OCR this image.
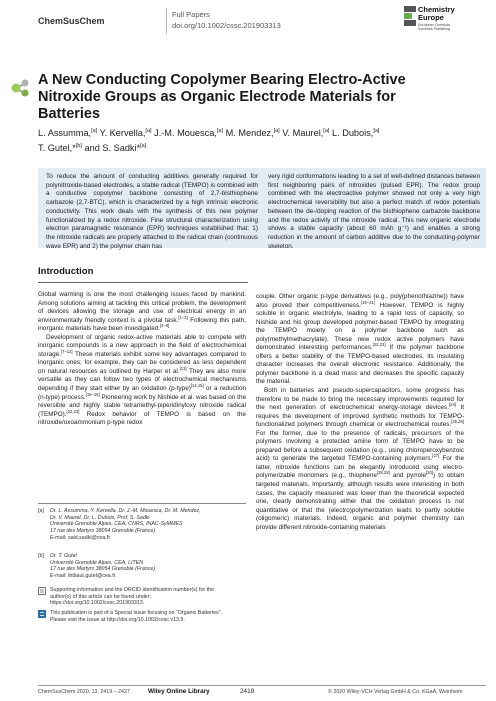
ChemSusChem
Full Papers
doi.org/10.1002/cssc.201903313
Chemistry
Europe
European Chemical
Societies Publishing
A New Conducting Copolymer Bearing Electro-Active Nitroxide Groups as Organic Electrode Materials for Batteries
L. Assumma,[a] Y. Kervella,[a] J.-M. Mouesca,[a] M. Mendez,[a] V. Maurel,[a] L. Dubois,[a]
T. Gutel,*[b] and S. Sadki*[a]
To reduce the amount of conducting additives generally required for polynitroxide-based electrodes, a stable radical (TEMPO) is combined with a conductive copolymer backbone consisting of 2,7-bisthiophene carbazole (2,7-BTC), which is characterized by a high intrinsic electronic conductivity. This work deals with the synthesis of this new polymer functionalized by a redox nitroxide. Fine structural characterization using electron paramagnetic resonance (EPR) techniques established that: 1) the nitroxide radicals are properly attached to the radical chain (continuous wave EPR) and 2) the polymer chain has
very rigid conformations leading to a set of well-defined distances between first neighboring pairs of nitroxides (pulsed EPR). The redox group combined with the electroactive polymer showed not only a very high electrochemical reversibility but also a perfect match of redox potentials between the de-/doping reaction of the bisthiophene carbazole backbone and the redox activity of the nitroxide radical. This new organic electrode shows a stable capacity (about 60 mAh g⁻¹) and enables a strong reduction in the amount of carbon additive due to the conducting-polymer skeleton.
Introduction

Global warming is one the most challenging issues faced by mankind. Among solutions aiming at tackling this critical problem, the development of devices allowing the storage and use of electrical energy in an environmentally friendly context is a pivotal task.[1–3] Following this path, inorganic materials have been investigated.[4–6]

Development of organic redox-active materials able to compete with inorganic compounds is a new approach in the field of electrochemical storage.[7–12] These materials exhibit some key advantages compared to inorganic ones; for example, they can be considered as less dependent on natural resources as outlined by Harper et al.[13] They are also more versatile as they can follow two types of electrochemical mechanisms depending if they start either by an oxidation (p-type)[14,15] or a reduction (n-type) process.[16–18] Pioneering work by Nishide et al. was based on the reversible and highly stable tetramethyl-piperidinyloxy nitroxide radical (TEMPO).[22,23] Redox behavior of TEMPO is based on the nitroxide/oxoammonium p-type redox

couple. Other organic p-type derivatives (e.g., poly(phenothiazine)) have also proved their competitiveness.[19–21] However, TEMPO is highly soluble in organic electrolyte, leading to a rapid loss of capacity, so Nishide and his group developed polymer-based TEMPO by integrating the TEMPO moiety on a polymer backbone such as poly(methylmethacrylate). These new redox active polymers have demonstrated interesting performances.[22,23] If the polymer backbone offers a better stability of the TEMPO-based electrodes, its insulating character increases the overall electronic resistance. Additionally, the polymer backbone is a dead mass and decreases the specific capacity the material.

Both in batteries and pseudo-supercapacitors, some progress has therefore to be made to bring the necessary improvements required for the next generation of electrochemical energy-storage devices.[24] It requires the development of improved synthetic methods for TEMPO-functionalized polymers through chemical or electrochemical routes.[25,26] For the former, due to the presence of radicals, precursors of the polymers involving a protected amine form of TEMPO have to be prepared before a subsequent oxidation (e.g., using chloroperoxybenzoic acid) to generate the targeted TEMPO-containing polymers.[27] For the latter, nitroxide functions can be elegantly introduced using electro-polymerizable monomers (e.g., thiophene[28,29] and pyrrole[30]) to obtain targeted materials. Importantly, although results were interesting in both cases, the capacity measured was lower than the theoretical expected one, clearly demonstrating either that the oxidation process is not quantitative or that the (electro)polymerization leads to partly soluble (oligomeric) materials. Indeed, organic and polymer chemistry can provide different nitroxide-containing materials

[a] Dr. L. Assumma, Y. Kervella, Dr. J.-M. Mouesca, Dr. M. Mendez,
Dr. V. Maurel, Dr. L. Dubois, Prof. S. Sadki
Université Grenoble Alpes, CEA, CNRS, INAC-SyMMES
17 rue des Martyrs 38054 Grenoble (France)
E-mail: said.sadki@cea.fr
[b] Dr. T. Gutel
Université Grenoble Alpes, CEA, LITEN
17 rue des Martyrs 38054 Grenoble (France)
E-mail: thibaut.gutel@cea.fr
Supporting information and the ORCID identification number(s) for the
author(s) of this article can be found under:
https://doi.org/10.1002/cssc.201903313.
This publication is part of a Special Issue focusing on “Organic Batteries”.
Please visit the issue at http://doi.org/10.1002/cssc.v13.9.
ChemSusChem 2020, 13, 2419 – 2427	Wiley Online Library	2419	© 2020 Wiley-VCH Verlag GmbH & Co. KGaA, Weinheim
